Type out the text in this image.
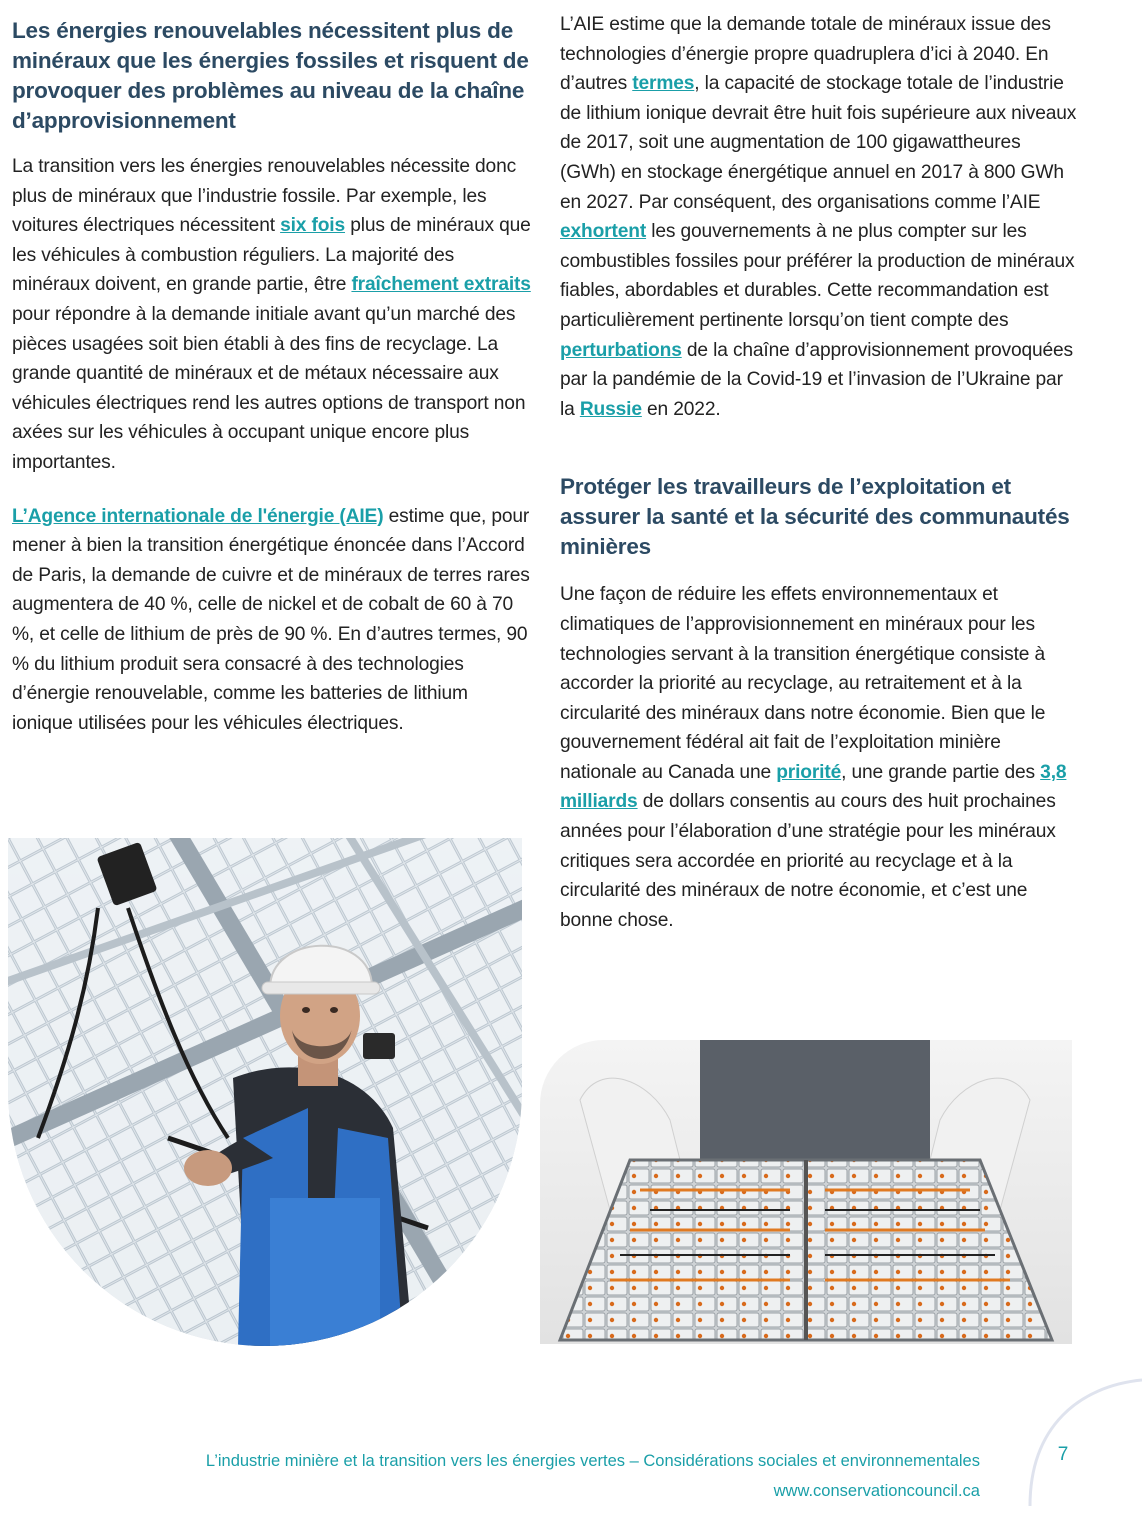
Les énergies renouvelables nécessitent plus de minéraux que les énergies fossiles et risquent de provoquer des problèmes au niveau de la chaîne d’approvisionnement

La transition vers les énergies renouvelables nécessite donc plus de minéraux que l’industrie fossile. Par exemple, les voitures électriques nécessitent six fois plus de minéraux que les véhicules à combustion réguliers. La majorité des minéraux doivent, en grande partie, être fraîchement extraits pour répondre à la demande initiale avant qu’un marché des pièces usagées soit bien établi à des fins de recyclage. La grande quantité de minéraux et de métaux nécessaire aux véhicules électriques rend les autres options de transport non axées sur les véhicules à occupant unique encore plus importantes.

L’Agence internationale de l'énergie (AIE) estime que, pour mener à bien la transition énergétique énoncée dans l’Accord de Paris, la demande de cuivre et de minéraux de terres rares augmentera de 40 %, celle de nickel et de cobalt de 60 à 70 %, et celle de lithium de près de 90 %. En d’autres termes, 90 % du lithium produit sera consacré à des technologies d’énergie renouvelable, comme les batteries de lithium ionique utilisées pour les véhicules électriques.

L’AIE estime que la demande totale de minéraux issue des technologies d’énergie propre quadruplera d’ici à 2040. En d’autres termes, la capacité de stockage totale de l’industrie de lithium ionique devrait être huit fois supérieure aux niveaux de 2017, soit une augmentation de 100 gigawattheures (GWh) en stockage énergétique annuel en 2017 à 800 GWh en 2027. Par conséquent, des organisations comme l’AIE exhortent les gouvernements à ne plus compter sur les combustibles fossiles pour préférer la production de minéraux fiables, abordables et durables. Cette recommandation est particulièrement pertinente lorsqu’on tient compte des perturbations de la chaîne d’approvisionnement provoquées par la pandémie de la Covid-19 et l’invasion de l’Ukraine par la Russie en 2022.

Protéger les travailleurs de l’exploitation et assurer la santé et la sécurité des communautés minières

Une façon de réduire les effets environnementaux et climatiques de l’approvisionnement en minéraux pour les technologies servant à la transition énergétique consiste à accorder la priorité au recyclage, au retraitement et à la circularité des minéraux dans notre économie. Bien que le gouvernement fédéral ait fait de l’exploitation minière nationale au Canada une priorité, une grande partie des 3,8 milliards de dollars consentis au cours des huit prochaines années pour l’élaboration d’une stratégie pour les minéraux critiques sera accordée en priorité au recyclage et à la circularité des minéraux de notre économie, et c’est une bonne chose.

7
L’industrie minière et la transition vers les énergies vertes – Considérations sociales et environnementales
www.conservationcouncil.ca
